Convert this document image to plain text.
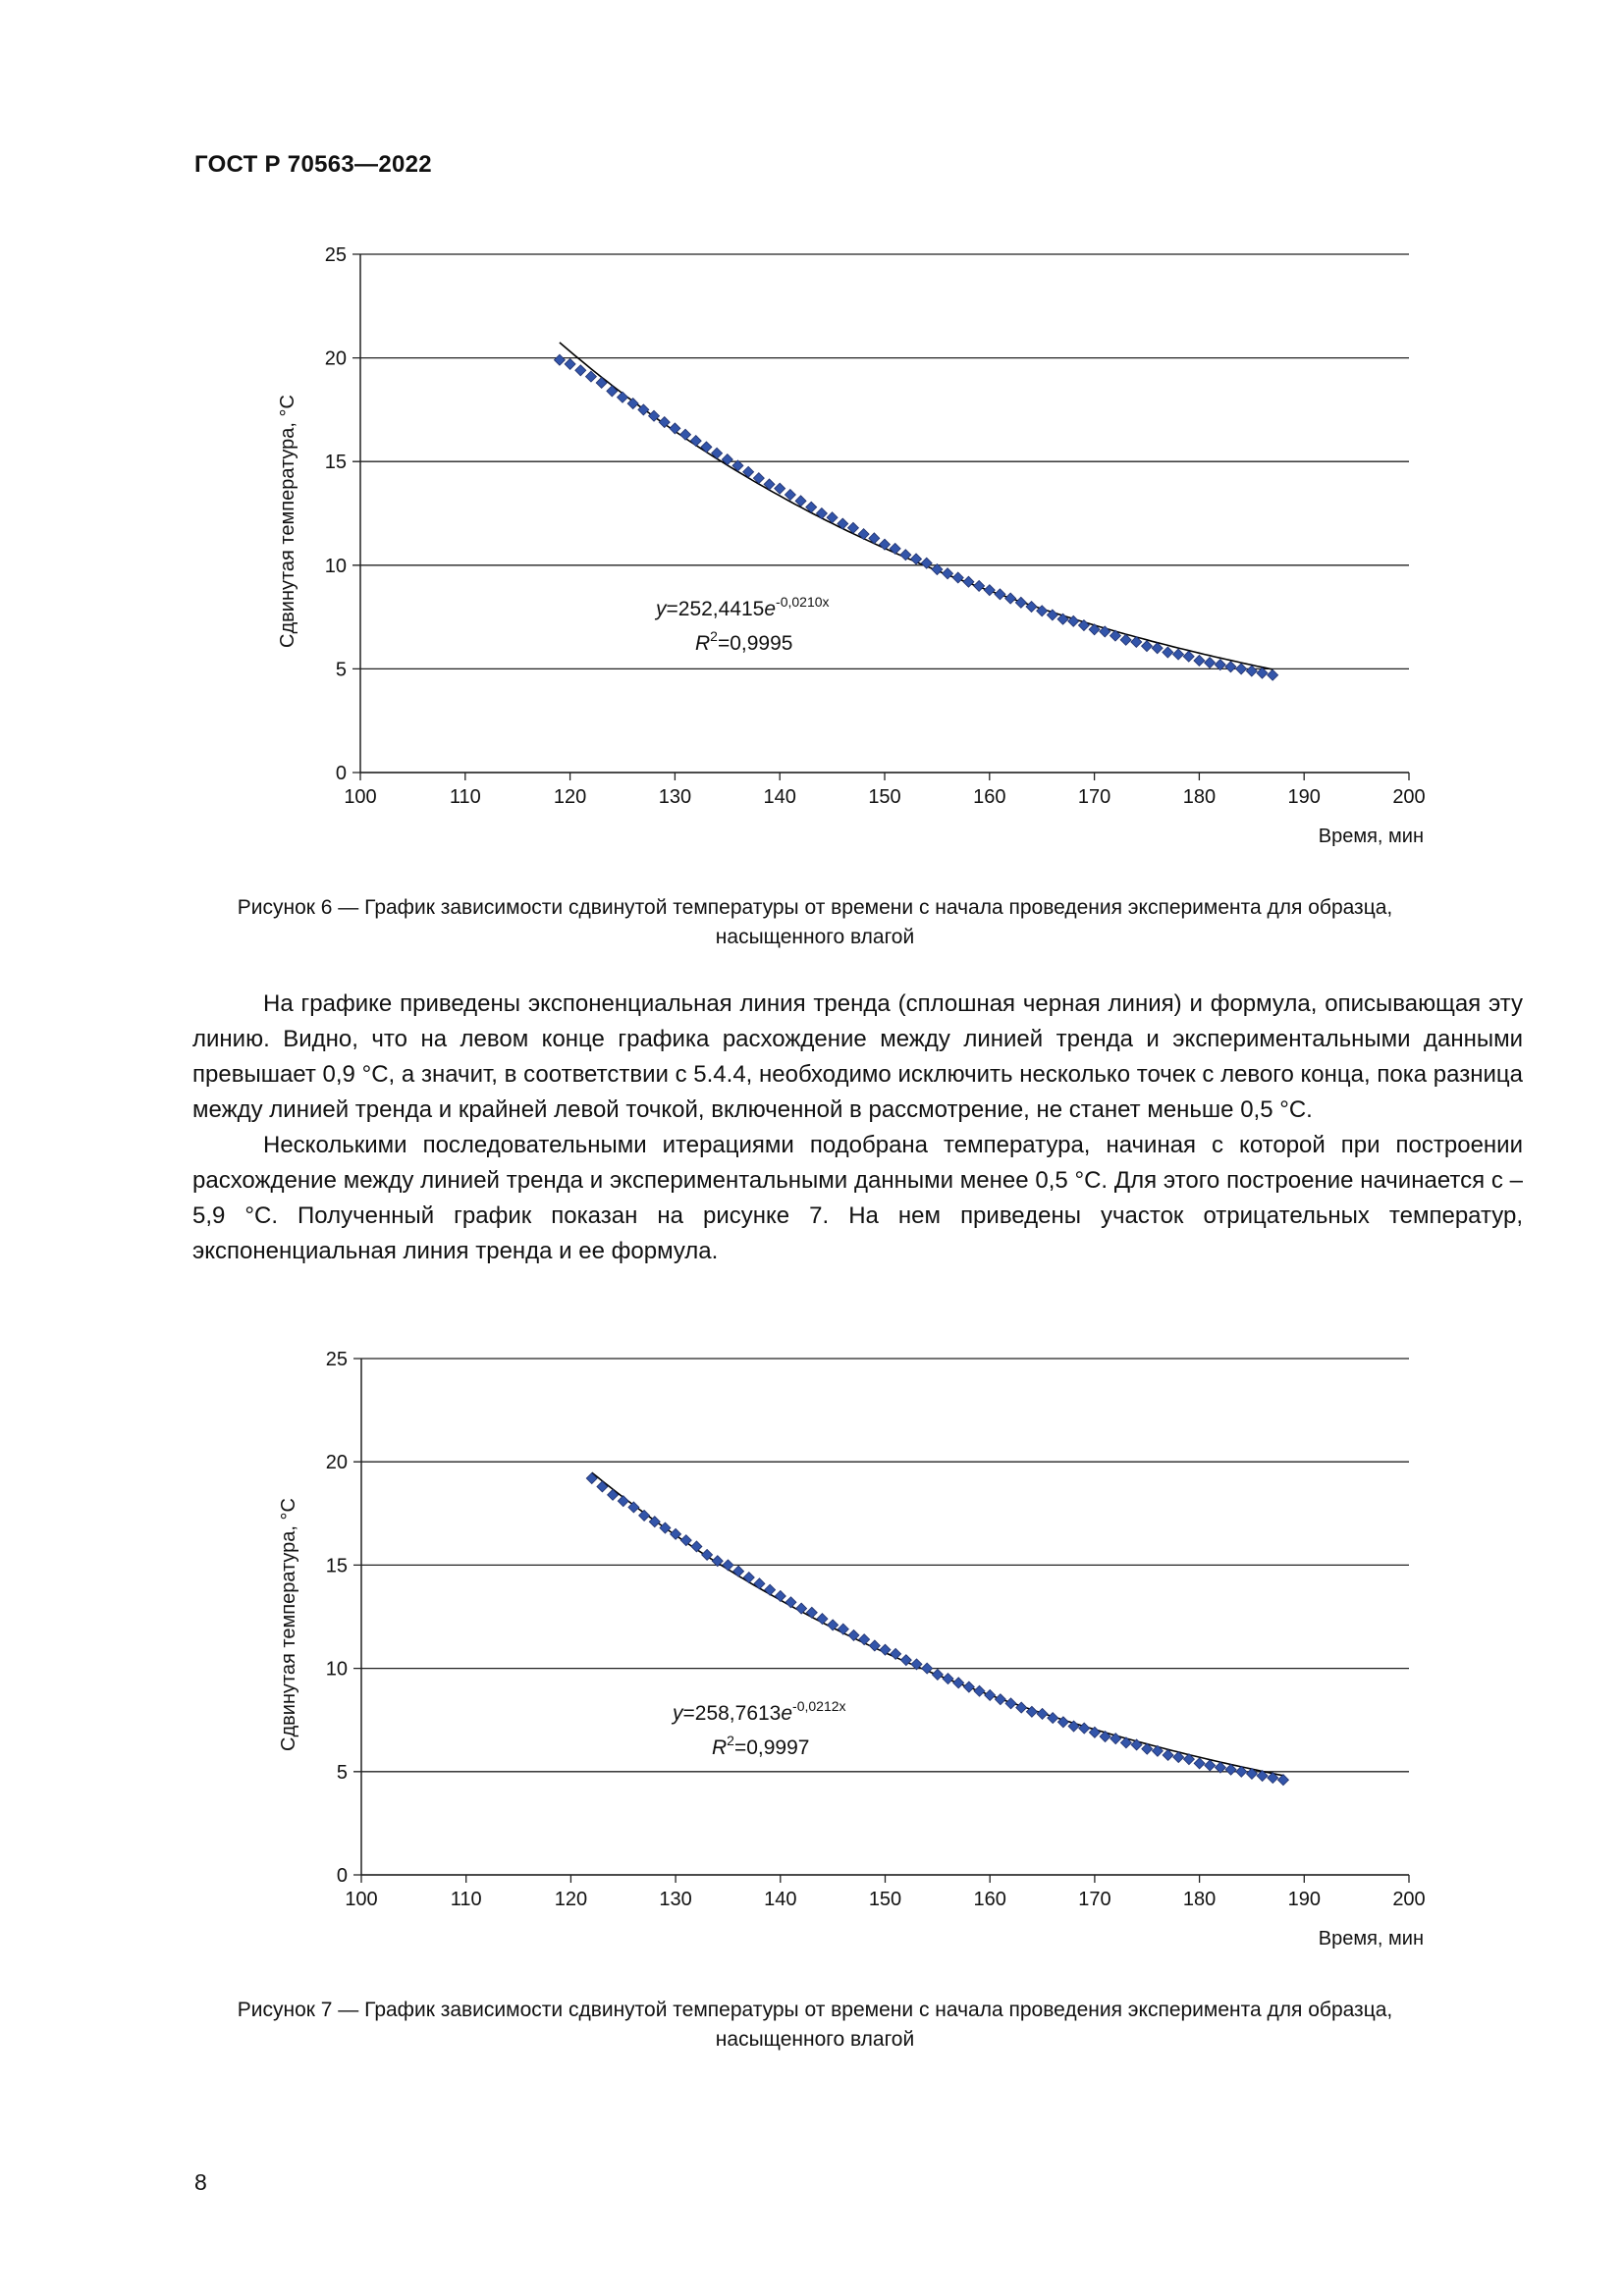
ГОСТ Р 70563—2022
0
5
10
15
20
25
100	110	120	130	140	150	160	170	180	190	200
Время, мин
Сдвинутая температура, °С	$y=252,4415e^{-0,0210x}$
$R^2=0,9995$
Рисунок 6 — График зависимости сдвинутой температуры от времени с начала проведения эксперимента для образца, насыщенного влагой

На графике приведены экспоненциальная линия тренда (сплошная черная линия) и формула, описывающая эту линию. Видно, что на левом конце графика расхождение между линией тренда и экспериментальными данными превышает 0,9 °С, а значит, в соответствии с 5.4.4, необходимо исключить несколько точек с левого конца, пока разница между линией тренда и крайней левой точкой, включенной в рассмотрение, не станет меньше 0,5 °С.

Несколькими последовательными итерациями подобрана температура, начиная с которой при построении расхождение между линией тренда и экспериментальными данными менее 0,5 °С. Для этого построение начинается с –5,9 °С. Полученный график показан на рисунке 7. На нем приведены участок отрицательных температур, экспоненциальная линия тренда и ее формула.

0
5
10
15
20
25
100	110	120	130	140	150	160	170	180	190	200
Время, мин
Сдвинутая температура, °С	$y=258,7613e^{-0,0212x}$
$R^2=0,9997$
Рисунок 7 — График зависимости сдвинутой температуры от времени с начала проведения эксперимента для образца, насыщенного влагой
8
